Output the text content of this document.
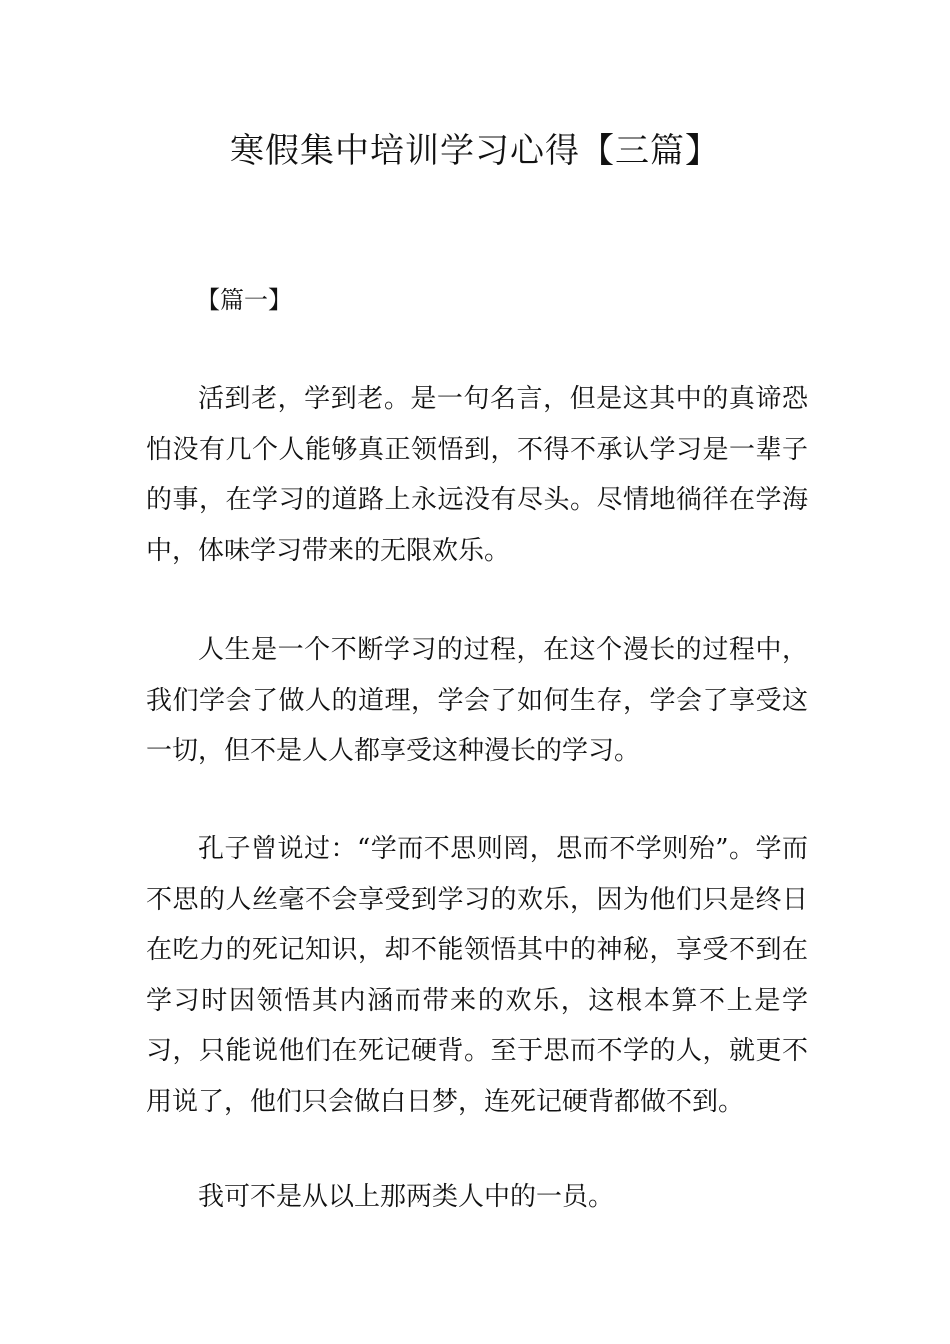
寒假集中培训学习心得【三篇】
【篇一】

活到老，学到老。是一句名言，但是这其中的真谛恐怕没有几个人能够真正领悟到，不得不承认学习是一辈子的事，在学习的道路上永远没有尽头。尽情地徜徉在学海中，体味学习带来的无限欢乐。

人生是一个不断学习的过程，在这个漫长的过程中，我们学会了做人的道理，学会了如何生存，学会了享受这一切，但不是人人都享受这种漫长的学习。

孔子曾说过：“学而不思则罔，思而不学则殆”。学而不思的人丝毫不会享受到学习的欢乐，因为他们只是终日在吃力的死记知识，却不能领悟其中的神秘，享受不到在学习时因领悟其内涵而带来的欢乐，这根本算不上是学习，只能说他们在死记硬背。至于思而不学的人，就更不用说了，他们只会做白日梦，连死记硬背都做不到。

我可不是从以上那两类人中的一员。
